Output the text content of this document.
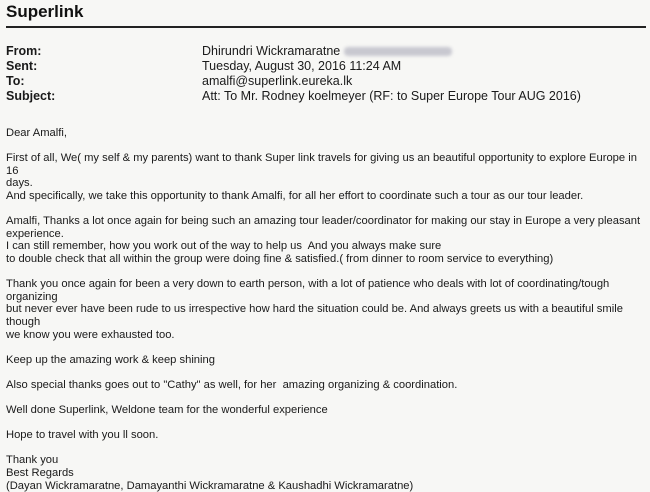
Superlink
From:	Dhirundri Wickramaratne
Sent:	Tuesday, August 30, 2016 11:24 AM
To:	amalfi@superlink.eureka.lk
Subject:	Att: To Mr. Rodney koelmeyer (RF: to Super Europe Tour AUG 2016)

Dear Amalfi,

First of all, We( my self & my parents) want to thank Super link travels for giving us an beautiful opportunity to explore Europe in 16

days.

And specifically, we take this opportunity to thank Amalfi, for all her effort to coordinate such a tour as our tour leader.

Amalfi, Thanks a lot once again for being such an amazing tour leader/coordinator for making our stay in Europe a very pleasant

experience.

I can still remember, how you work out of the way to help us  And you always make sure

to double check that all within the group were doing fine & satisfied.( from dinner to room service to everything)

Thank you once again for been a very down to earth person, with a lot of patience who deals with lot of coordinating/tough organizing

but never ever have been rude to us irrespective how hard the situation could be. And always greets us with a beautiful smile though

we know you were exhausted too.

Keep up the amazing work & keep shining

Also special thanks goes out to "Cathy" as well, for her  amazing organizing & coordination.

Well done Superlink, Weldone team for the wonderful experience

Hope to travel with you ll soon.

Thank you

Best Regards

(Dayan Wickramaratne, Damayanthi Wickramaratne & Kaushadhi Wickramaratne)
